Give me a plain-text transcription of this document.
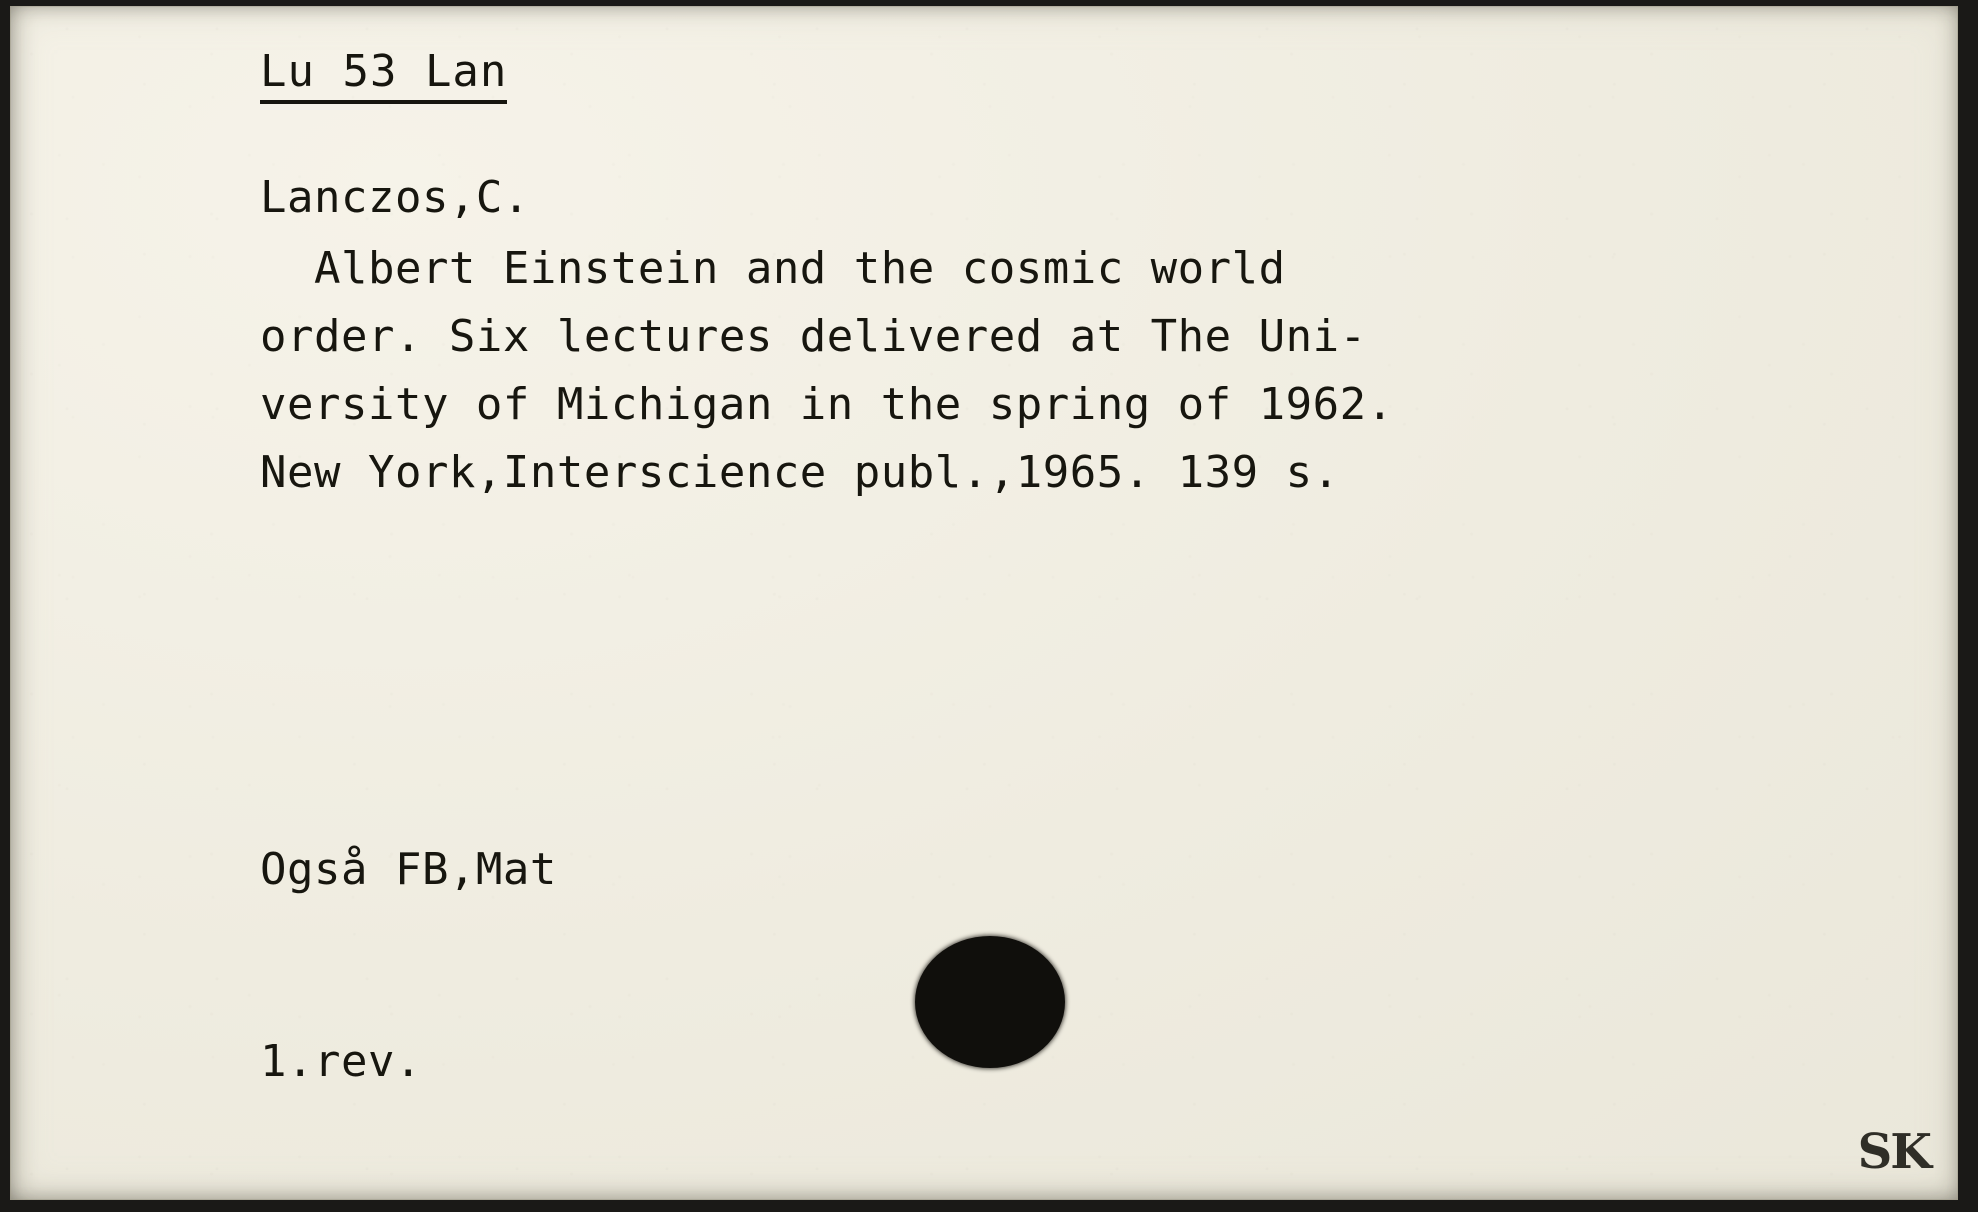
Lu 53 Lan
Lanczos,C.
Albert Einstein and the cosmic world
order. Six lectures delivered at The Uni-
versity of Michigan in the spring of 1962.
New York,Interscience publ.,1965. 139 s.
Også FB,Mat
1.rev.
SK
